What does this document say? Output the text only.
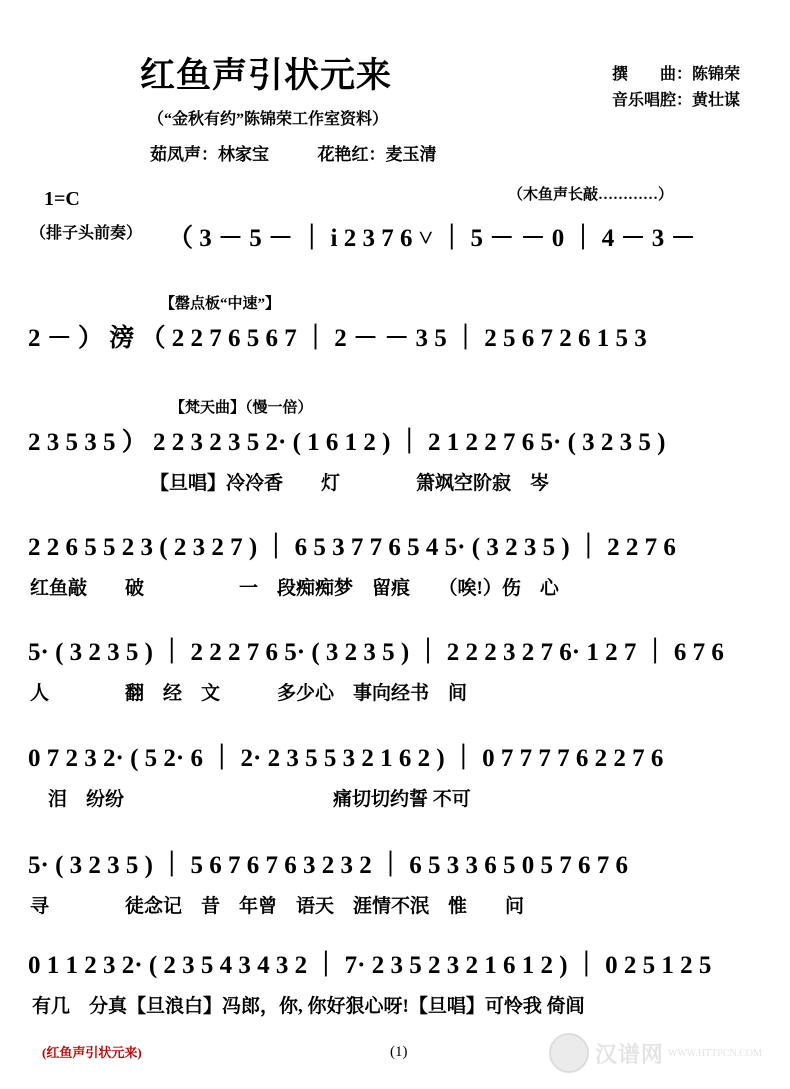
红鱼声引状元来
（“金秋有约”陈锦荣工作室资料）
撰　　曲：陈锦荣
音乐唱腔：黄壮谋
茹凤声：林家宝	花艳红：麦玉清
1=C
（排子头前奏）
（木鱼声长敲…………）
【罄点板“中速”】
【梵天曲】（慢一倍）
（ 3 － 5 － ｜ i 2 3 7 6 ˅ ｜ 5 － － 0 ｜ 4 － 3 －
2 － ） 滂 （ 2 2 7 6 5 6 7 ｜ 2 － － 3 5 ｜ 2 5 6 7 2 6 1 5 3
2 3 5 3 5 ） 2 2 3 2 3 5 2· ( 1 6 1 2 ) ｜ 2 1 2 2 7 6 5· ( 3 2 3 5 )
【旦唱】冷冷香　　灯　　　　箫飒空阶寂　岑
2 2 6 5 5 2 3 ( 2 3 2 7 ) ｜ 6 5 3 7 7 6 5 4 5· ( 3 2 3 5 ) ｜ 2 2 7 6
红鱼敲　　破　　　　　一　段痴痴梦　留痕　　（唉!）伤　心
5· ( 3 2 3 5 ) ｜ 2 2 2 7 6 5· ( 3 2 3 5 ) ｜ 2 2 2 3 2 7 6· 1 2 7 ｜ 6 7 6
人　　　　翻　经　文　　　多少心　事向经书　间
0 7 2 3 2· ( 5 2· 6 ｜ 2· 2 3 5 5 3 2 1 6 2 ) ｜ 0 7 7 7 7 6 2 2 7 6
泪　纷纷　　　　　　　　　　　痛切切约誓 不可
5· ( 3 2 3 5 ) ｜ 5 6 7 6 7 6 3 2 3 2 ｜ 6 5 3 3 6 5 0 5 7 6 7 6
寻　　　　徒念记　昔　年曾　语天　涯情不泯　惟　　问
0 1 1 2 3 2· ( 2 3 5 4 3 4 3 2 ｜ 7· 2 3 5 2 3 2 1 6 1 2 ) ｜ 0 2 5 1 2 5
有几　分真【旦浪白】冯郎，你, 你好狠心呀!【旦唱】可怜我 倚闾
(红鱼声引状元来)	(1)	汉谱网 WWW.HTTPCN.COM
